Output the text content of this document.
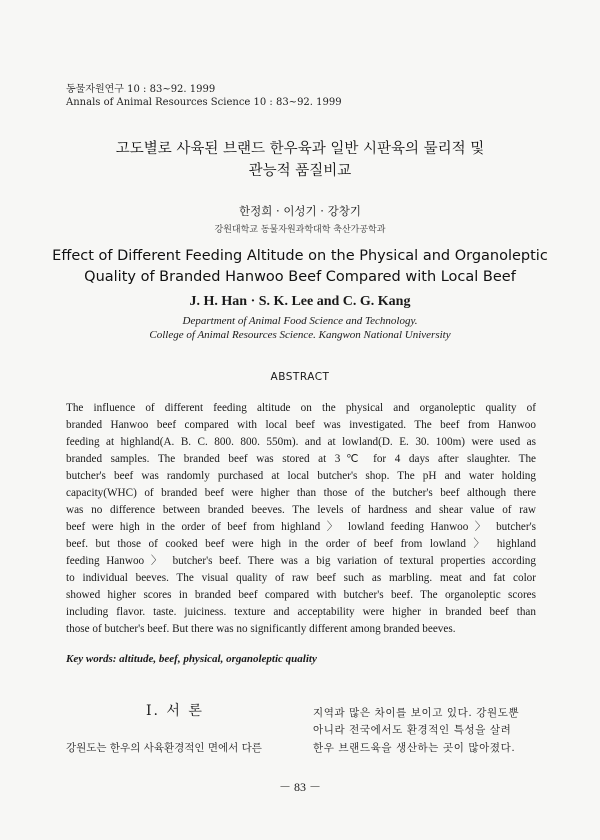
동물자원연구 10 : 83~92. 1999
Annals of Animal Resources Science 10 : 83~92. 1999
고도별로 사육된 브랜드 한우육과 일반 시판육의 물리적 및
관능적 품질비교
한정희 · 이성기 · 강창기
강원대학교 동물자원과학대학 축산가공학과
Effect of Different Feeding Altitude on the Physical and Organoleptic
Quality of Branded Hanwoo Beef Compared with Local Beef
J. H. Han · S. K. Lee and C. G. Kang
Department of Animal Food Science and Technology.
College of Animal Resources Science. Kangwon National University
ABSTRACT
The influence of different feeding altitude on the physical and organoleptic quality of
branded Hanwoo beef compared with local beef was investigated. The beef from Hanwoo
feeding at highland(A. B. C. 800. 800. 550m). and at lowland(D. E. 30. 100m) were used as
branded samples. The branded beef was stored at 3℃ for 4 days after slaughter. The
butcher's beef was randomly purchased at local butcher's shop. The pH and water holding
capacity(WHC) of branded beef were higher than those of the butcher's beef although there
was no difference between branded beeves. The levels of hardness and shear value of raw
beef were high in the order of beef from highland 〉 lowland feeding Hanwoo 〉 butcher's
beef. but those of cooked beef were high in the order of beef from lowland 〉 highland
feeding Hanwoo 〉 butcher's beef. There was a big variation of textural properties according
to individual beeves. The visual quality of raw beef such as marbling. meat and fat color
showed higher scores in branded beef compared with butcher's beef. The organoleptic scores
including flavor. taste. juiciness. texture and acceptability were higher in branded beef than
those of butcher's beef. But there was no significantly different among branded beeves.
Key words: altitude, beef, physical, organoleptic quality
Ⅰ. 서 론
강원도는 한우의 사육환경적인 면에서 다른
지역과 많은 차이를 보이고 있다. 강원도뿐
아니라 전국에서도 환경적인 특성을 살려
한우 브랜드육을 생산하는 곳이 많아졌다.
－ 83 －
